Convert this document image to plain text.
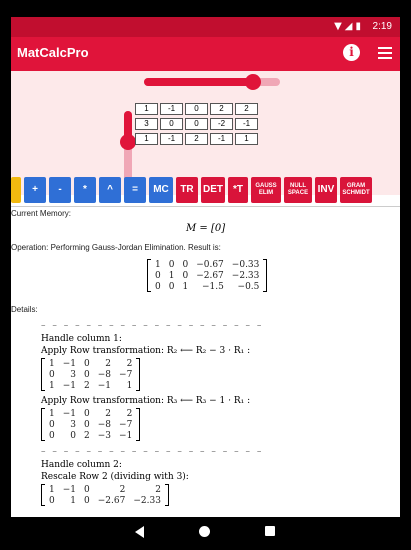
▼◢▮ 2:19
MatCalcPro	i
1	-1	0	2	2
3	0	0	-2	-1
1	-1	2	-1	1
+	-	*	^	=	MC	TR DET	*T	GAUSS
ELIM
NULL
SPACE INV	GRAM
SCHMIDT
Current Memory:
M = [0]
Operation: Performing Gauss-Jordan Elimination. Result is:
1	0	0	−0.67	−0.33
0	1	0	−2.67	−2.33
0	0	1	−1.5	−0.5
Details:
– – – – – – – – – – – – – – – – – – – –
Handle column 1:
Apply Row transformation: R₂ ⟵ R₂ − 3 · R₁ :
1	−1	0	2	2
0	3	0	−8	−7
1	−1	2	−1	1
Apply Row transformation: R₃ ⟵ R₃ − 1 · R₁ :
1	−1	0	2	2
0	3	0	−8	−7
0	0	2	−3	−1
– – – – – – – – – – – – – – – – – – – –
Handle column 2:
Rescale Row 2 (dividing with 3):
1	−1	0	2	2
0	1	0	−2.67	−2.33
